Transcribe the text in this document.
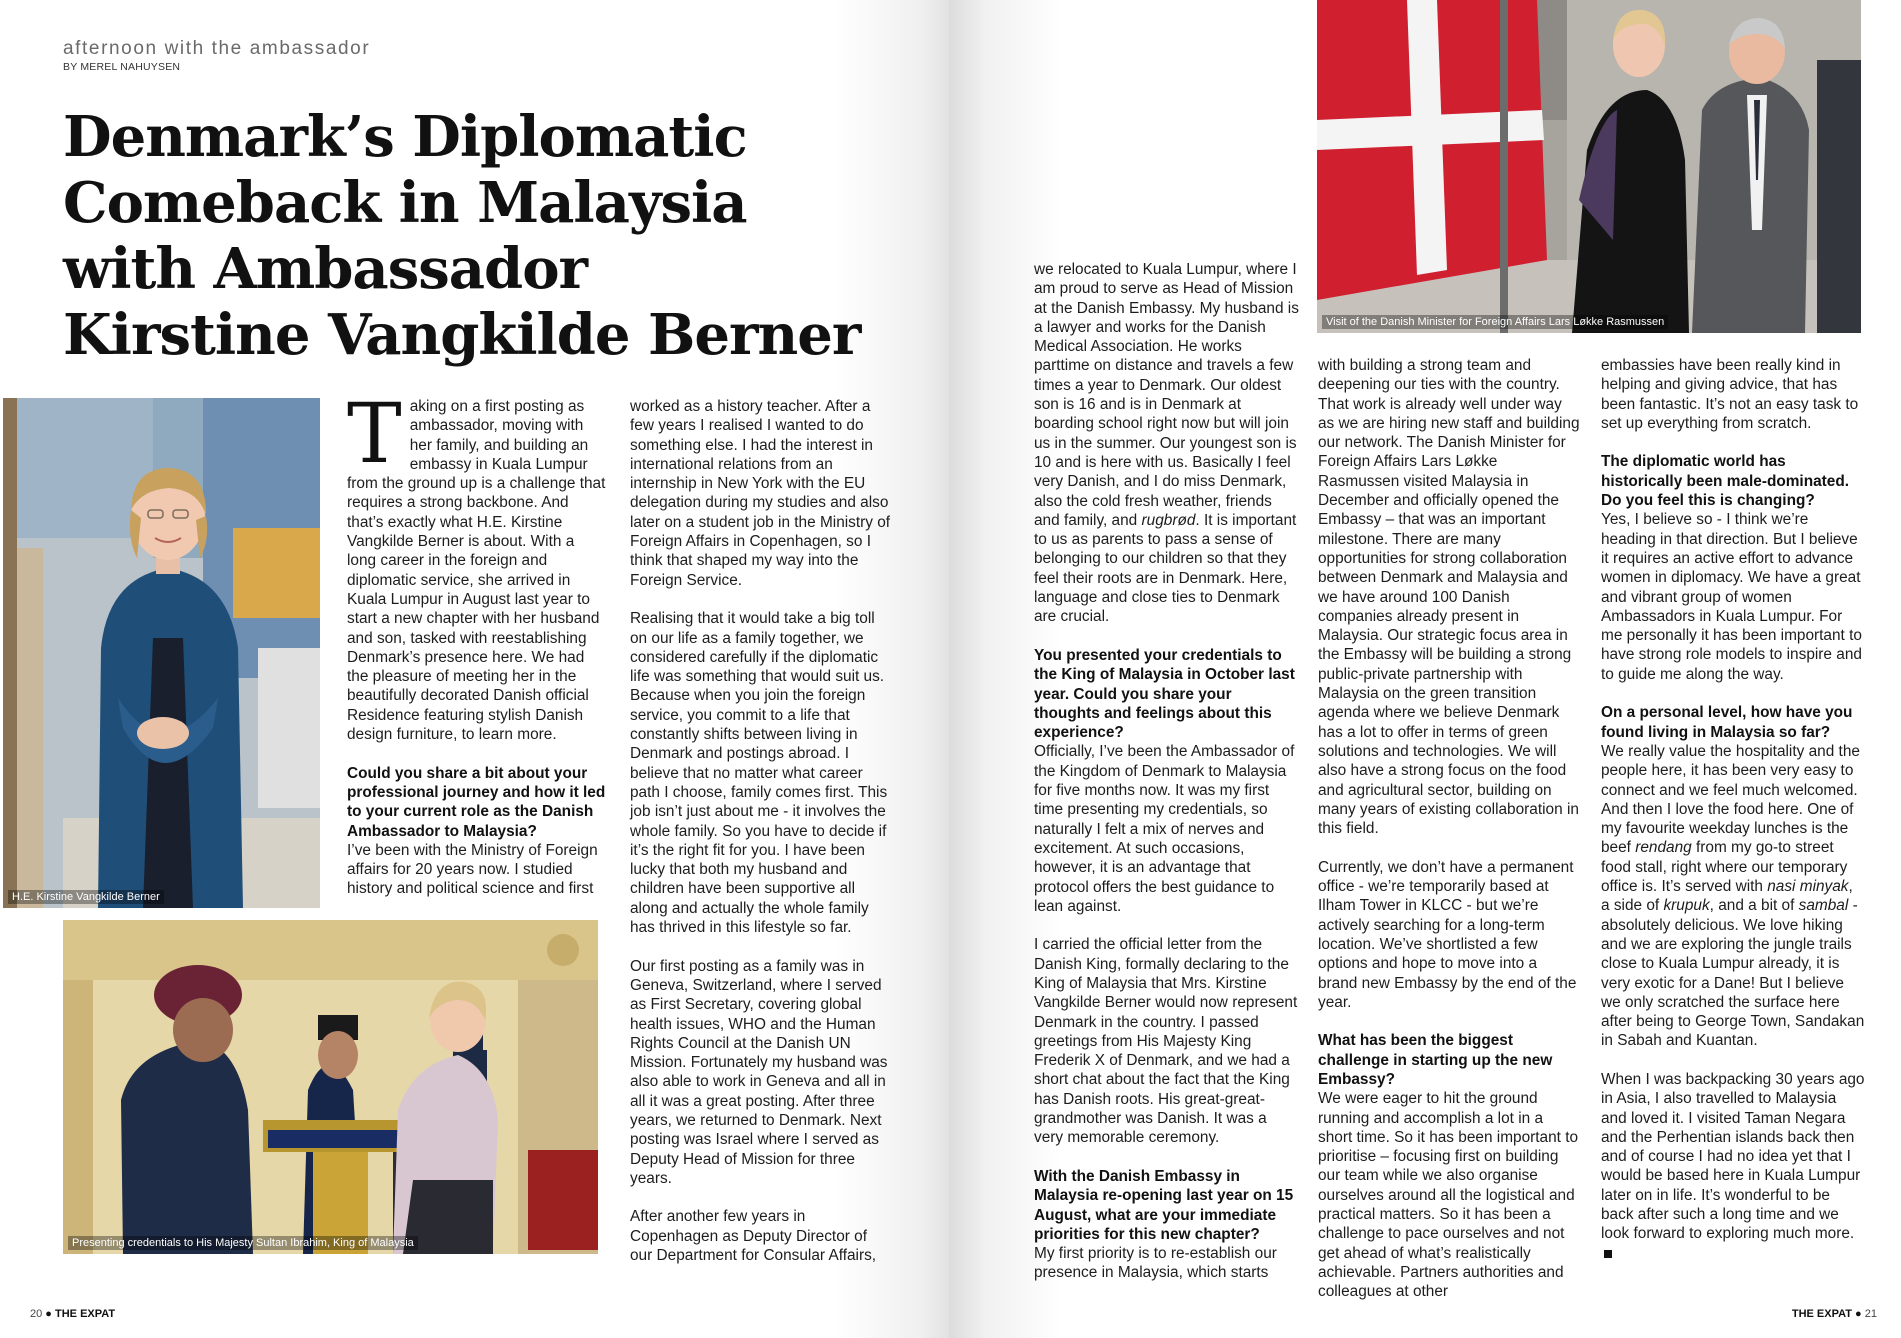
afternoon with the ambassador
BY MEREL NAHUYSEN
Denmark’s Diplomatic
Comeback in Malaysia
with Ambassador
Kirstine Vangkilde Berner
H.E. Kirstine Vangkilde Berner
Presenting credentials to His Majesty Sultan Ibrahim, King of Malaysia

Taking on a first posting as ambassador, moving with her family, and building an embassy in Kuala Lumpur from the ground up is a challenge that requires a strong backbone. And that’s exactly what H.E. Kirstine Vangkilde Berner is about. With a long career in the foreign and diplomatic service, she arrived in Kuala Lumpur in August last year to start a new chapter with her husband and son, tasked with reestablishing Denmark’s presence here. We had the pleasure of meeting her in the beautifully decorated Danish official Residence featuring stylish Danish design furniture, to learn more.

Could you share a bit about your professional journey and how it led to your current role as the Danish Ambassador to Malaysia?
I’ve been with the Ministry of Foreign affairs for 20 years now. I studied history and political science and first

worked as a history teacher. After a few years I realised I wanted to do something else. I had the interest in international relations from an internship in New York with the EU delegation during my studies and also later on a student job in the Ministry of Foreign Affairs in Copenhagen, so I think that shaped my way into the Foreign Service.

Realising that it would take a big toll on our life as a family together, we considered carefully if the diplomatic life was something that would suit us. Because when you join the foreign service, you commit to a life that constantly shifts between living in Denmark and postings abroad. I believe that no matter what career path I choose, family comes first. This job isn’t just about me - it involves the whole family. So you have to decide if it’s the right fit for you. I have been lucky that both my husband and children have been supportive all along and actually the whole family has thrived in this lifestyle so far.

Our first posting as a family was in Geneva, Switzerland, where I served as First Secretary, covering global health issues, WHO and the Human Rights Council at the Danish UN Mission. Fortunately my husband was also able to work in Geneva and all in all it was a great posting. After three years, we returned to Denmark. Next posting was Israel where I served as Deputy Head of Mission for three years.

After another few years in Copenhagen as Deputy Director of our Department for Consular Affairs,

20 ● THE EXPAT
Visit of the Danish Minister for Foreign Affairs Lars Løkke Rasmussen

we relocated to Kuala Lumpur, where I am proud to serve as Head of Mission at the Danish Embassy. My husband is a lawyer and works for the Danish Medical Association. He works parttime on distance and travels a few times a year to Denmark. Our oldest son is 16 and is in Denmark at boarding school right now but will join us in the summer. Our youngest son is 10 and is here with us. Basically I feel very Danish, and I do miss Denmark, also the cold fresh weather, friends and family, and rugbrød. It is important to us as parents to pass a sense of belonging to our children so that they feel their roots are in Denmark. Here, language and close ties to Denmark are crucial.

You presented your credentials to the King of Malaysia in October last year. Could you share your thoughts and feelings about this experience?
Officially, I’ve been the Ambassador of the Kingdom of Denmark to Malaysia for five months now. It was my first time presenting my credentials, so naturally I felt a mix of nerves and excitement. At such occasions, however, it is an advantage that protocol offers the best guidance to lean against.

I carried the official letter from the Danish King, formally declaring to the King of Malaysia that Mrs. Kirstine Vangkilde Berner would now represent Denmark in the country. I passed greetings from His Majesty King Frederik X of Denmark, and we had a short chat about the fact that the King has Danish roots. His great-great-grandmother was Danish. It was a very memorable ceremony.

With the Danish Embassy in Malaysia re-opening last year on 15 August, what are your immediate priorities for this new chapter?
My first priority is to re-establish our presence in Malaysia, which starts

with building a strong team and deepening our ties with the country. That work is already well under way as we are hiring new staff and building our network. The Danish Minister for Foreign Affairs Lars Løkke Rasmussen visited Malaysia in December and officially opened the Embassy – that was an important milestone. There are many opportunities for strong collaboration between Denmark and Malaysia and we have around 100 Danish companies already present in Malaysia. Our strategic focus area in the Embassy will be building a strong public-private partnership with Malaysia on the green transition agenda where we believe Denmark has a lot to offer in terms of green solutions and technologies. We will also have a strong focus on the food and agricultural sector, building on many years of existing collaboration in this field.

Currently, we don’t have a permanent office - we’re temporarily based at Ilham Tower in KLCC - but we’re actively searching for a long-term location. We’ve shortlisted a few options and hope to move into a brand new Embassy by the end of the year.

What has been the biggest challenge in starting up the new Embassy?
We were eager to hit the ground running and accomplish a lot in a short time. So it has been important to prioritise – focusing first on building our team while we also organise ourselves around all the logistical and practical matters. So it has been a challenge to pace ourselves and not get ahead of what’s realistically achievable. Partners authorities and colleagues at other

embassies have been really kind in helping and giving advice, that has been fantastic. It’s not an easy task to set up everything from scratch.

The diplomatic world has historically been male-dominated. Do you feel this is changing?
Yes, I believe so - I think we’re heading in that direction. But I believe it requires an active effort to advance women in diplomacy. We have a great and vibrant group of women Ambassadors in Kuala Lumpur. For me personally it has been important to have strong role models to inspire and to guide me along the way.

On a personal level, how have you found living in Malaysia so far?
We really value the hospitality and the people here, it has been very easy to connect and we feel much welcomed. And then I love the food here. One of my favourite weekday lunches is the beef rendang from my go-to street food stall, right where our temporary office is. It’s served with nasi minyak, a side of krupuk, and a bit of sambal - absolutely delicious. We love hiking and we are exploring the jungle trails close to Kuala Lumpur already, it is very exotic for a Dane! But I believe we only scratched the surface here after being to George Town, Sandakan in Sabah and Kuantan.

When I was backpacking 30 years ago in Asia, I also travelled to Malaysia and loved it. I visited Taman Negara and the Perhentian islands back then and of course I had no idea yet that I would be based here in Kuala Lumpur later on in life. It’s wonderful to be back after such a long time and we look forward to exploring much more.

THE EXPAT ● 21
